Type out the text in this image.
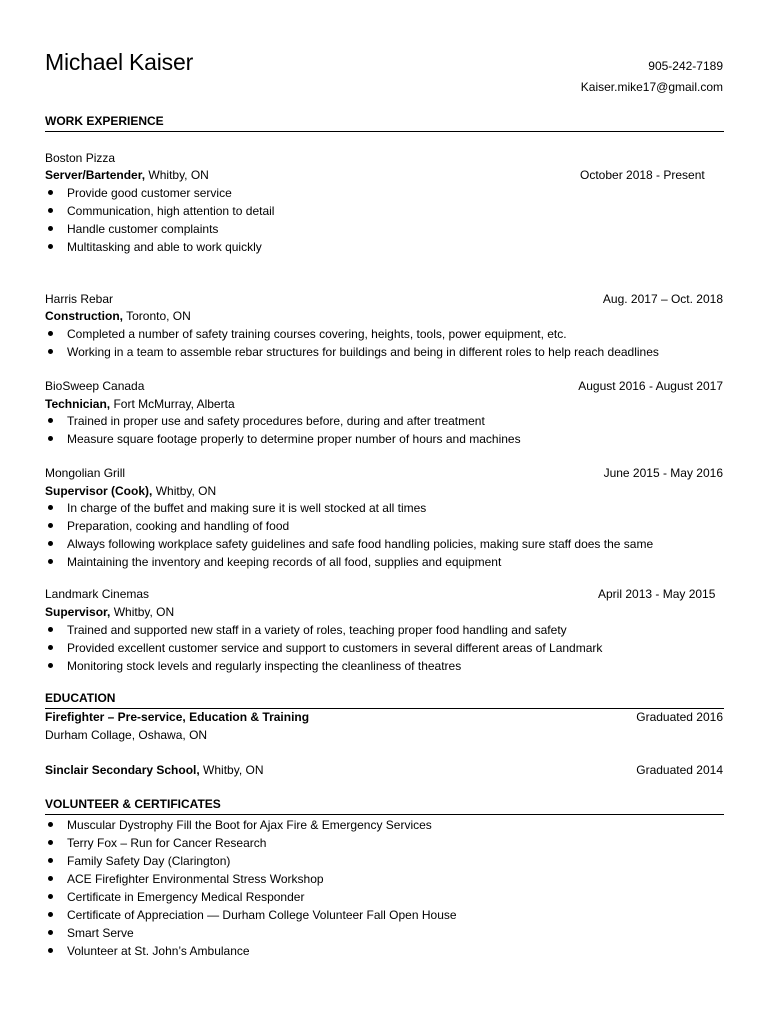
Michael Kaiser	905-242-7189
Kaiser.mike17@gmail.com
WORK EXPERIENCE
Boston Pizza
Server/Bartender, Whitby, ON	October 2018 - Present
Provide good customer service
Communication, high attention to detail
Handle customer complaints
Multitasking and able to work quickly
Harris Rebar	Aug. 2017 – Oct. 2018
Construction, Toronto, ON
Completed a number of safety training courses covering, heights, tools, power equipment, etc.
Working in a team to assemble rebar structures for buildings and being in different roles to help reach deadlines
BioSweep Canada	August 2016 - August 2017
Technician, Fort McMurray, Alberta
Trained in proper use and safety procedures before, during and after treatment
Measure square footage properly to determine proper number of hours and machines
Mongolian Grill	June 2015 - May 2016
Supervisor (Cook), Whitby, ON
In charge of the buffet and making sure it is well stocked at all times
Preparation, cooking and handling of food
Always following workplace safety guidelines and safe food handling policies, making sure staff does the same
Maintaining the inventory and keeping records of all food, supplies and equipment
Landmark Cinemas	April 2013 - May 2015
Supervisor, Whitby, ON
Trained and supported new staff in a variety of roles, teaching proper food handling and safety
Provided excellent customer service and support to customers in several different areas of Landmark
Monitoring stock levels and regularly inspecting the cleanliness of theatres
EDUCATION
Firefighter – Pre-service, Education & Training	Graduated 2016
Durham Collage, Oshawa, ON
Sinclair Secondary School, Whitby, ON	Graduated 2014
VOLUNTEER & CERTIFICATES
Muscular Dystrophy Fill the Boot for Ajax Fire & Emergency Services
Terry Fox – Run for Cancer Research
Family Safety Day (Clarington)
ACE Firefighter Environmental Stress Workshop
Certificate in Emergency Medical Responder
Certificate of Appreciation — Durham College Volunteer Fall Open House
Smart Serve
Volunteer at St. John’s Ambulance
